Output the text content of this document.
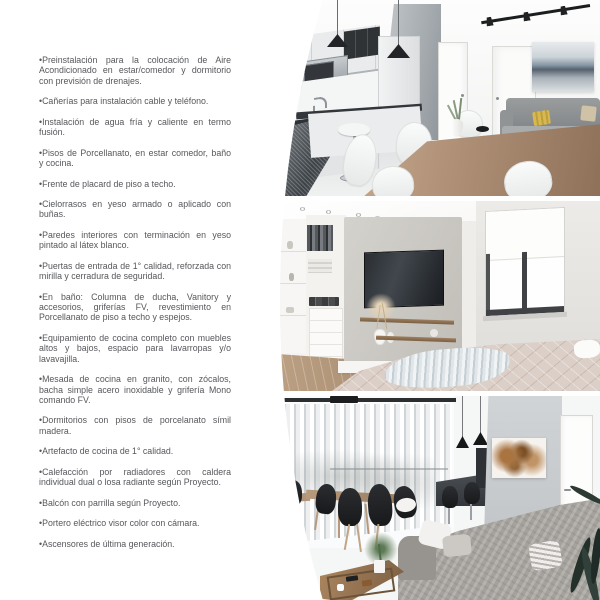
•Preinstalación para la colocación de Aire Acondicionado en estar/comedor y dormitorio con previsión de drenajes.

•Cañerías para instalación cable y teléfono.

•Instalación de agua fría y caliente en termo fusión.

•Pisos de Porcellanato, en estar comedor, baño y cocina.

•Frente de placard de piso a techo.

•Cielorrasos en yeso armado o aplicado con buñas.

•Paredes interiores con terminación en yeso pintado al látex blanco.

•Puertas de entrada de 1° calidad, reforzada con mirilla y cerradura de seguridad.

•En baño: Columna de ducha, Vanitory y accesorios, griferías FV, revestimiento en Porcellanato de piso a techo y espejos.

•Equipamiento de cocina completo con muebles altos y bajos, espacio para lavarropas y/o lavavajilla.

•Mesada de cocina en granito, con zócalos, bacha simple acero inoxidable y grifería Mono comando FV.

•Dormitorios con pisos de porcelanato símil madera.

•Artefacto de cocina de 1° calidad.

•Calefacción por radiadores con caldera individual dual o losa radiante según Proyecto.

•Balcón con parrilla según Proyecto.

•Portero eléctrico visor color con cámara.

•Ascensores de última generación.
